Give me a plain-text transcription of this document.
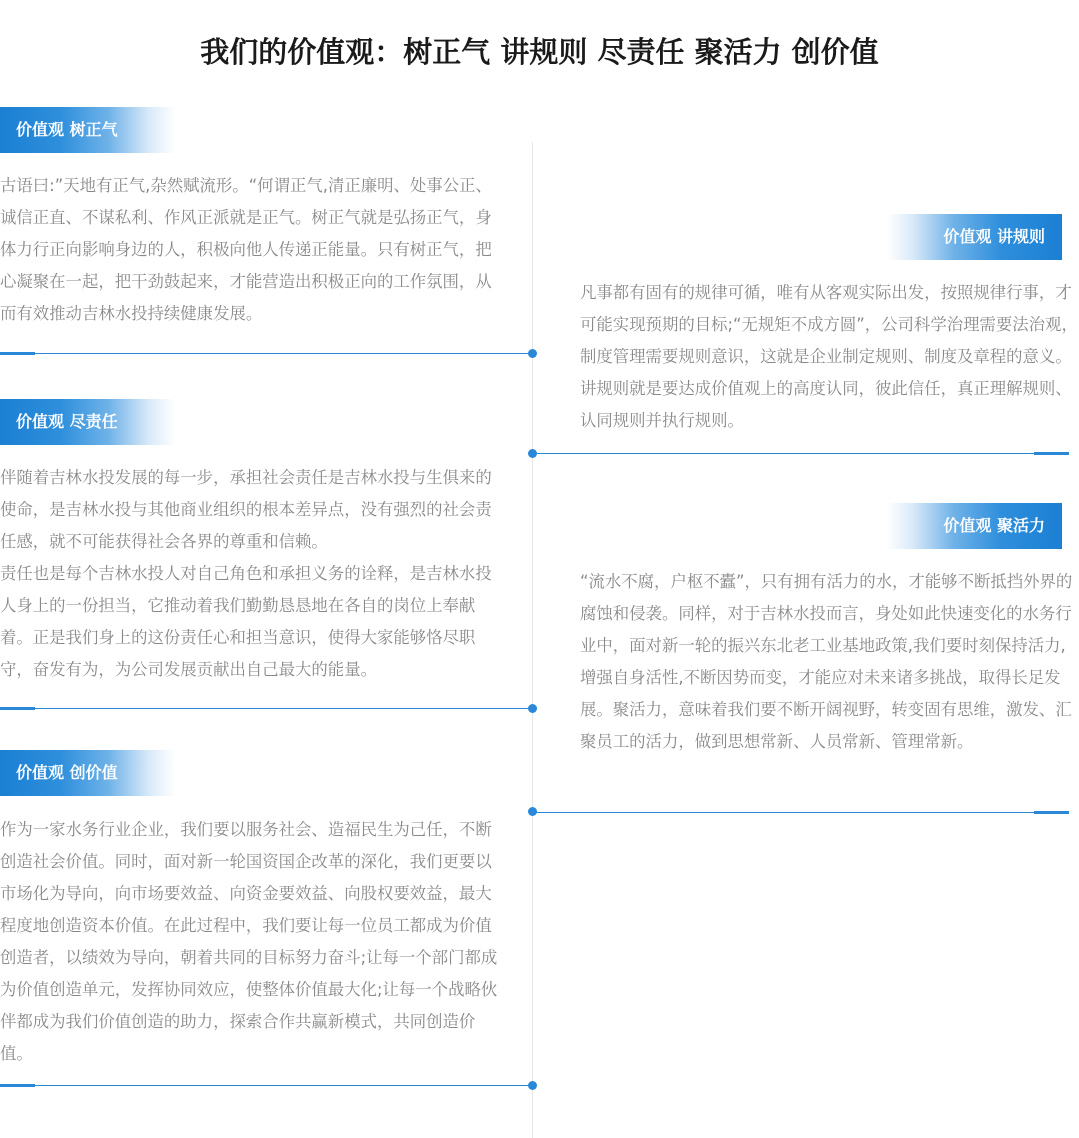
我们的价值观：树正气 讲规则 尽责任 聚活力 创价值
价值观 树正气

古语曰:”天地有正气,杂然赋流形。“何谓正气,清正廉明、处事公正、诚信正直、不谋私利、作风正派就是正气。树正气就是弘扬正气，身体力行正向影响身边的人，积极向他人传递正能量。只有树正气，把心凝聚在一起，把干劲鼓起来，才能营造出积极正向的工作氛围，从而有效推动吉林水投持续健康发展。

价值观 讲规则

凡事都有固有的规律可循，唯有从客观实际出发，按照规律行事，才可能实现预期的目标;“无规矩不成方圆”，公司科学治理需要法治观，制度管理需要规则意识，这就是企业制定规则、制度及章程的意义。讲规则就是要达成价值观上的高度认同，彼此信任，真正理解规则、认同规则并执行规则。

价值观 尽责任

伴随着吉林水投发展的每一步，承担社会责任是吉林水投与生俱来的使命，是吉林水投与其他商业组织的根本差异点，没有强烈的社会责任感，就不可能获得社会各界的尊重和信赖。

责任也是每个吉林水投人对自己角色和承担义务的诠释，是吉林水投人身上的一份担当，它推动着我们勤勤恳恳地在各自的岗位上奉献着。正是我们身上的这份责任心和担当意识，使得大家能够恪尽职守，奋发有为，为公司发展贡献出自己最大的能量。

价值观 聚活力

“流水不腐，户枢不蠹”，只有拥有活力的水，才能够不断抵挡外界的腐蚀和侵袭。同样，对于吉林水投而言，身处如此快速变化的水务行业中，面对新一轮的振兴东北老工业基地政策,我们要时刻保持活力,增强自身活性,不断因势而变，才能应对未来诸多挑战，取得长足发展。聚活力，意味着我们要不断开阔视野，转变固有思维，激发、汇聚员工的活力，做到思想常新、人员常新、管理常新。

价值观 创价值

作为一家水务行业企业，我们要以服务社会、造福民生为己任，不断创造社会价值。同时，面对新一轮国资国企改革的深化，我们更要以市场化为导向，向市场要效益、向资金要效益、向股权要效益，最大程度地创造资本价值。在此过程中，我们要让每一位员工都成为价值创造者，以绩效为导向，朝着共同的目标努力奋斗;让每一个部门都成为价值创造单元，发挥协同效应，使整体价值最大化;让每一个战略伙伴都成为我们价值创造的助力，探索合作共赢新模式，共同创造价值。
